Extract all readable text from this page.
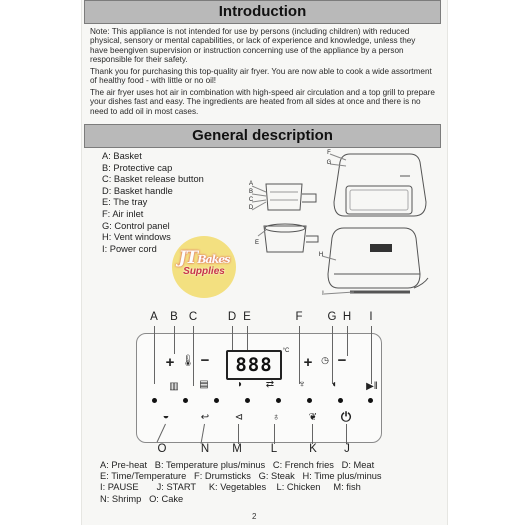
Introduction
Note: This appliance is not intended for use by persons (including children) with reduced physical, sensory or mental capabilities, or lack of experience and knowledge, unless they have beengiven supervision or instruction concerning use of the appliance by a person responsible for their safety.
Thank you for purchasing this top-quality air fryer. You are now able to cook a wide assortment of healthy food - with little or no oil!
The air fryer uses hot air in combination with high-speed air circulation and a top grill to prepare your dishes fast and easy. The ingredients are heated from all sides at once and there is no need to add oil in most cases.
General description
A: Basket
B: Protective cap
C: Basket release button
D: Basket handle
E: The tray
F: Air inlet
G: Control panel
H: Vent windows
I: Power cord
F
G
A
B
C
D
E
H
I
JTBakes
Supplies
A B C	D E	F	G H	I
+ 🌡︎ −	888
°C
+ ◷ −
▥	▤	◗	⇄	♆	◖	▶‖
◒	↩	⊲	♁	❦ ⏻
O	N M	L	K	J
A: Pre-heat   B: Temperature plus/minus   C: French fries   D: Meat
E: Time/Temperature   F: Drumsticks   G: Steak   H: Time plus/minus
I: PAUSE       J: START     K: Vegetables    L: Chicken     M: fish
N: Shrimp   O: Cake
2
